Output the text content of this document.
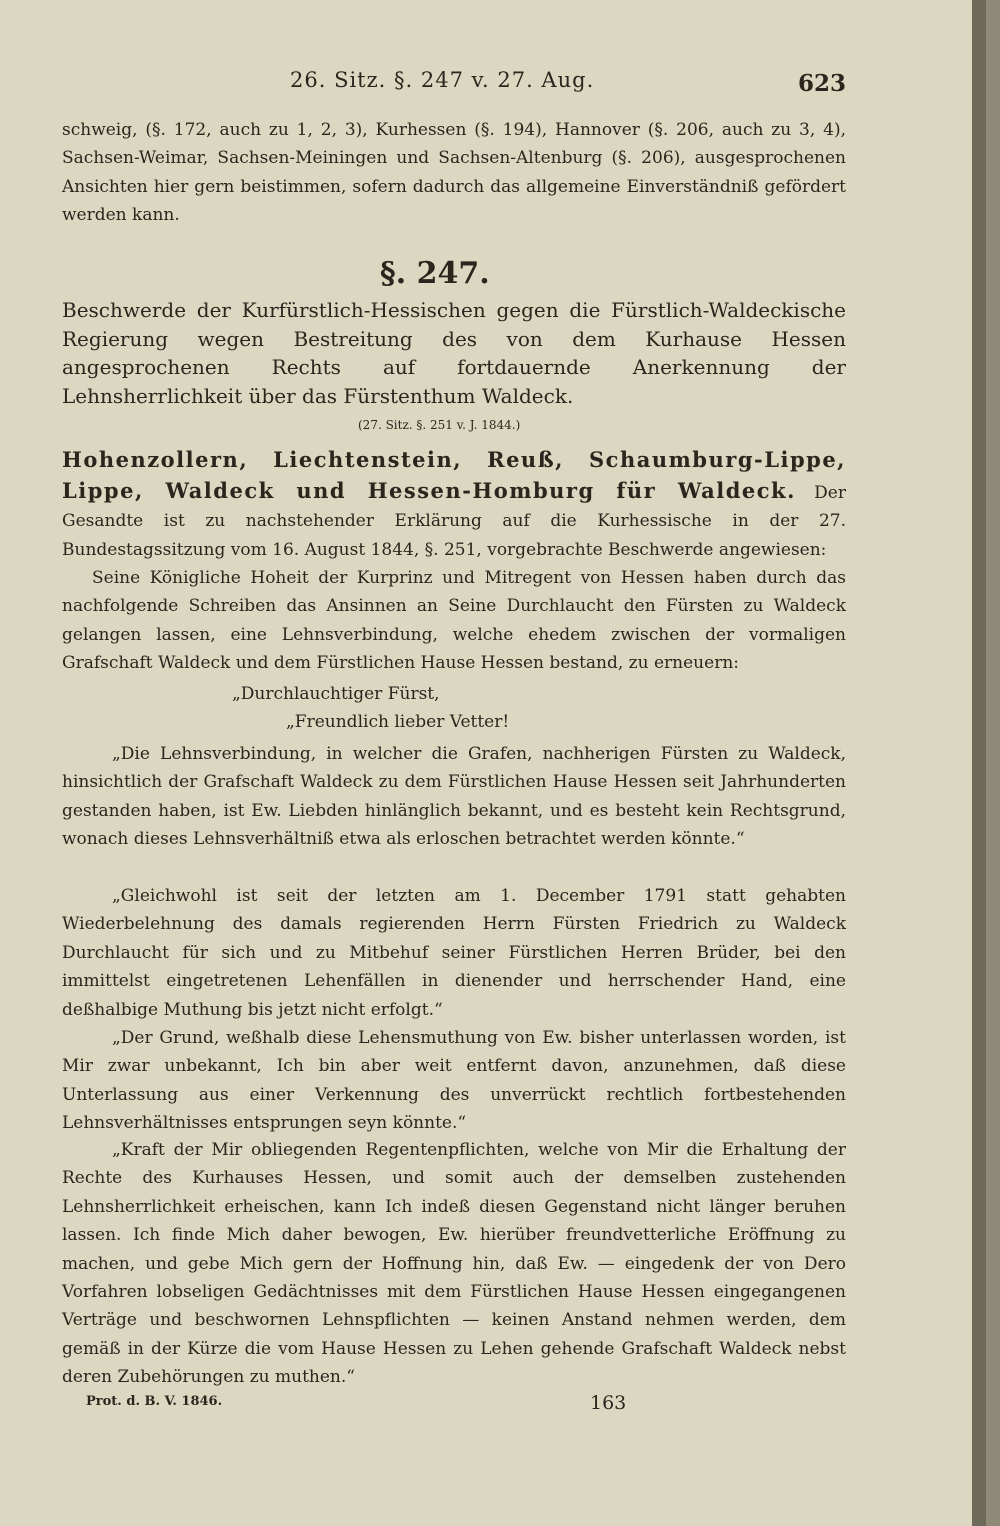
26. Sitz. §. 247 v. 27. Aug.	623
schweig, (§. 172, auch zu 1, 2, 3), Kurhessen (§. 194), Hannover (§. 206, auch zu 3, 4), Sachsen-Weimar, Sachsen-Meiningen und Sachsen-Altenburg (§. 206), ausgesprochenen Ansichten hier gern beistimmen, sofern dadurch das allgemeine Einverständniß gefördert werden kann.
§. 247.
Beschwerde der Kurfürstlich-Hessischen gegen die Fürstlich-Waldeckische Regierung wegen Bestreitung des von dem Kurhause Hessen angesprochenen Rechts auf fortdauernde Anerkennung der Lehnsherrlichkeit über das Fürstenthum Waldeck.
(27. Sitz. §. 251 v. J. 1844.)
Hohenzollern, Liechtenstein, Reuß, Schaumburg-Lippe, Lippe, Waldeck und Hessen-Homburg für Waldeck. Der Gesandte ist zu nachstehender Erklärung auf die Kurhessische in der 27. Bundestagssitzung vom 16. August 1844, §. 251, vorgebrachte Beschwerde angewiesen:
Seine Königliche Hoheit der Kurprinz und Mitregent von Hessen haben durch das nachfolgende Schreiben das Ansinnen an Seine Durchlaucht den Fürsten zu Waldeck gelangen lassen, eine Lehnsverbindung, welche ehedem zwischen der vormaligen Grafschaft Waldeck und dem Fürstlichen Hause Hessen bestand, zu erneuern:
„Durchlauchtiger Fürst,
„Freundlich lieber Vetter!
„Die Lehnsverbindung, in welcher die Grafen, nachherigen Fürsten zu Waldeck, hinsichtlich der Grafschaft Waldeck zu dem Fürstlichen Hause Hessen seit Jahrhunderten gestanden haben, ist Ew. Liebden hinlänglich bekannt, und es besteht kein Rechtsgrund, wonach dieses Lehnsverhältniß etwa als erloschen betrachtet werden könnte.“
„Gleichwohl ist seit der letzten am 1. December 1791 statt gehabten Wiederbelehnung des damals regierenden Herrn Fürsten Friedrich zu Waldeck Durchlaucht für sich und zu Mitbehuf seiner Fürstlichen Herren Brüder, bei den immittelst eingetretenen Lehenfällen in dienender und herrschender Hand, eine deßhalbige Muthung bis jetzt nicht erfolgt.“
„Der Grund, weßhalb diese Lehensmuthung von Ew. bisher unterlassen worden, ist Mir zwar unbekannt, Ich bin aber weit entfernt davon, anzunehmen, daß diese Unterlassung aus einer Verkennung des unverrückt rechtlich fortbestehenden Lehnsverhältnisses entsprungen seyn könnte.“
„Kraft der Mir obliegenden Regentenpflichten, welche von Mir die Erhaltung der Rechte des Kurhauses Hessen, und somit auch der demselben zustehenden Lehnsherrlichkeit erheischen, kann Ich indeß diesen Gegenstand nicht länger beruhen lassen. Ich finde Mich daher bewogen, Ew. hierüber freundvetterliche Eröffnung zu machen, und gebe Mich gern der Hoffnung hin, daß Ew. — eingedenk der von Dero Vorfahren lobseligen Gedächtnisses mit dem Fürstlichen Hause Hessen eingegangenen Verträge und beschwornen Lehnspflichten — keinen Anstand nehmen werden, dem gemäß in der Kürze die vom Hause Hessen zu Lehen gehende Grafschaft Waldeck nebst deren Zubehörungen zu muthen.“
Prot. d. B. V. 1846.	163
